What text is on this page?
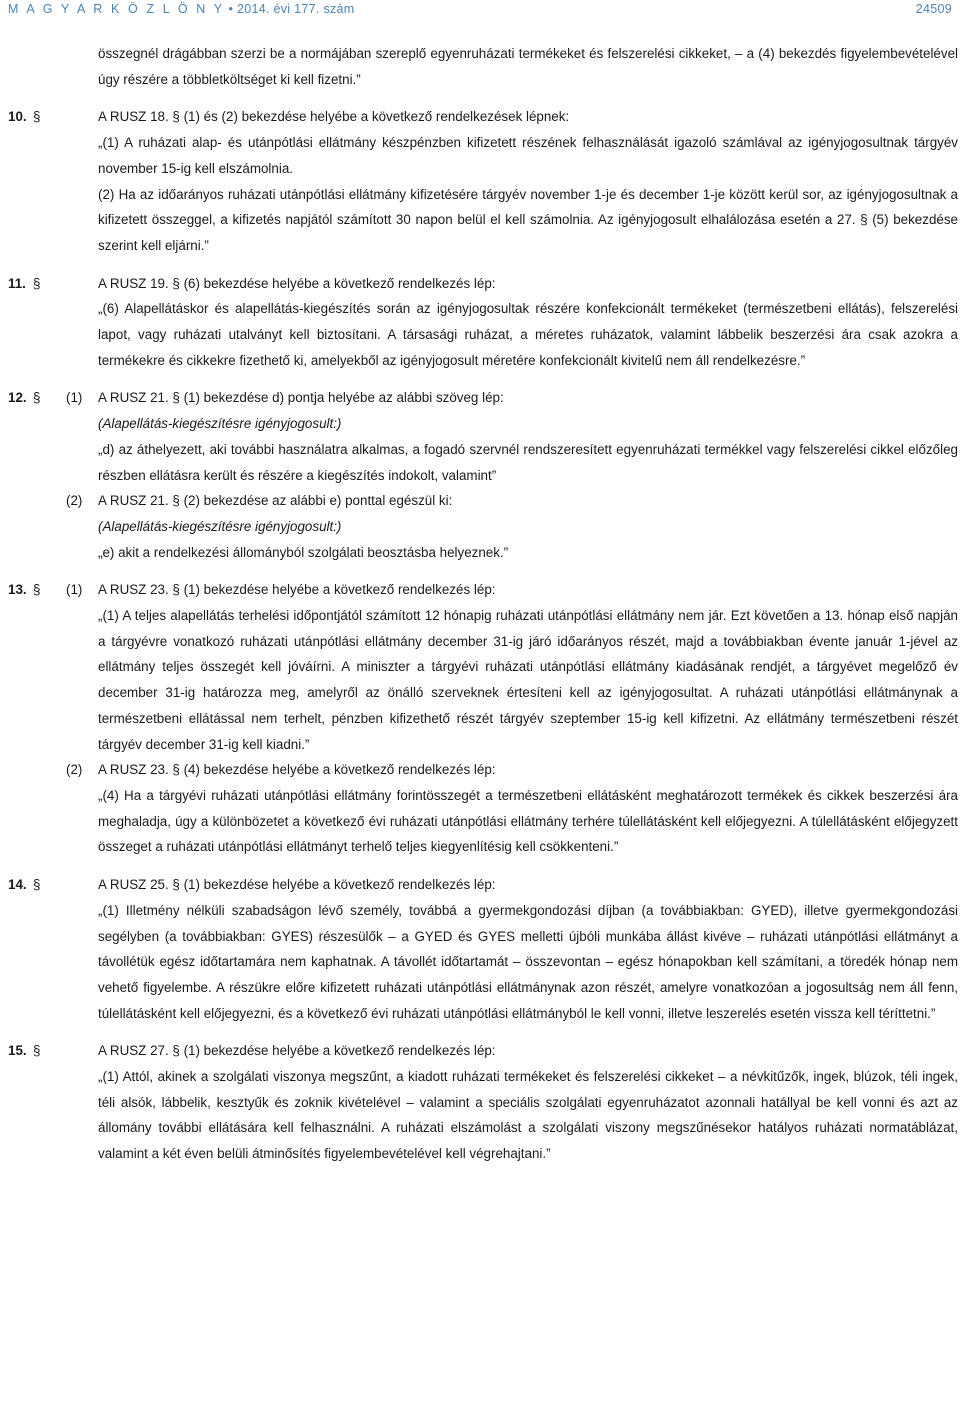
M A G Y A R K Ö Z L Ö N Y • 2014. évi 177. szám	24509
összegnél drágábban szerzi be a normájában szereplő egyenruházati termékeket és felszerelési cikkeket, – a (4) bekezdés figyelembevételével úgy részére a többletköltséget ki kell fizetni.”
10. §	A RUSZ 18. § (1) és (2) bekezdése helyébe a következő rendelkezések lépnek:
„(1) A ruházati alap- és utánpótlási ellátmány készpénzben kifizetett részének felhasználását igazoló számlával az igényjogosultnak tárgyév november 15-ig kell elszámolnia.
(2) Ha az időarányos ruházati utánpótlási ellátmány kifizetésére tárgyév november 1-je és december 1-je között kerül sor, az igényjogosultnak a kifizetett összeggel, a kifizetés napjától számított 30 napon belül el kell számolnia. Az igényjogosult elhalálozása esetén a 27. § (5) bekezdése szerint kell eljárni.”
11. §	A RUSZ 19. § (6) bekezdése helyébe a következő rendelkezés lép:
„(6) Alapellátáskor és alapellátás-kiegészítés során az igényjogosultak részére konfekcionált termékeket (természetbeni ellátás), felszerelési lapot, vagy ruházati utalványt kell biztosítani. A társasági ruházat, a méretes ruházatok, valamint lábbelik beszerzési ára csak azokra a termékekre és cikkekre fizethető ki, amelyekből az igényjogosult méretére konfekcionált kivitelű nem áll rendelkezésre.”
12. § (1) A RUSZ 21. § (1) bekezdése d) pontja helyébe az alábbi szöveg lép:
(Alapellátás-kiegészítésre igényjogosult:)
„d) az áthelyezett, aki további használatra alkalmas, a fogadó szervnél rendszeresített egyenruházati termékkel vagy felszerelési cikkel előzőleg részben ellátásra került és részére a kiegészítés indokolt, valamint”
(2) A RUSZ 21. § (2) bekezdése az alábbi e) ponttal egészül ki:
(Alapellátás-kiegészítésre igényjogosult:)
„e) akit a rendelkezési állományból szolgálati beosztásba helyeznek.”
13. § (1) A RUSZ 23. § (1) bekezdése helyébe a következő rendelkezés lép:
„(1) A teljes alapellátás terhelési időpontjától számított 12 hónapig ruházati utánpótlási ellátmány nem jár. Ezt követően a 13. hónap első napján a tárgyévre vonatkozó ruházati utánpótlási ellátmány december 31-ig járó időarányos részét, majd a továbbiakban évente január 1-jével az ellátmány teljes összegét kell jóváírni. A miniszter a tárgyévi ruházati utánpótlási ellátmány kiadásának rendjét, a tárgyévet megelőző év december 31-ig határozza meg, amelyről az önálló szerveknek értesíteni kell az igényjogosultat. A ruházati utánpótlási ellátmánynak a természetbeni ellátással nem terhelt, pénzben kifizethető részét tárgyév szeptember 15-ig kell kifizetni. Az ellátmány természetbeni részét tárgyév december 31-ig kell kiadni.”
(2) A RUSZ 23. § (4) bekezdése helyébe a következő rendelkezés lép:
„(4) Ha a tárgyévi ruházati utánpótlási ellátmány forintösszegét a természetbeni ellátásként meghatározott termékek és cikkek beszerzési ára meghaladja, úgy a különbözetet a következő évi ruházati utánpótlási ellátmány terhére túlellátásként kell előjegyezni. A túlellátásként előjegyzett összeget a ruházati utánpótlási ellátmányt terhelő teljes kiegyenlítésig kell csökkenteni.”
14. §	A RUSZ 25. § (1) bekezdése helyébe a következő rendelkezés lép:
„(1) Illetmény nélküli szabadságon lévő személy, továbbá a gyermekgondozási díjban (a továbbiakban: GYED), illetve gyermekgondozási segélyben (a továbbiakban: GYES) részesülők – a GYED és GYES melletti újbóli munkába állást kivéve – ruházati utánpótlási ellátmányt a távollétük egész időtartamára nem kaphatnak. A távollét időtartamát – összevontan – egész hónapokban kell számítani, a töredék hónap nem vehető figyelembe. A részükre előre kifizetett ruházati utánpótlási ellátmánynak azon részét, amelyre vonatkozóan a jogosultság nem áll fenn, túlellátásként kell előjegyezni, és a következő évi ruházati utánpótlási ellátmányból le kell vonni, illetve leszerelés esetén vissza kell téríttetni.”
15. §	A RUSZ 27. § (1) bekezdése helyébe a következő rendelkezés lép:
„(1) Attól, akinek a szolgálati viszonya megszűnt, a kiadott ruházati termékeket és felszerelési cikkeket – a névkitűzők, ingek, blúzok, téli ingek, téli alsók, lábbelik, kesztyűk és zoknik kivételével – valamint a speciális szolgálati egyenruházatot azonnali hatállyal be kell vonni és azt az állomány további ellátására kell felhasználni. A ruházati elszámolást a szolgálati viszony megszűnésekor hatályos ruházati normatáblázat, valamint a két éven belüli átminősítés figyelembevételével kell végrehajtani.”
